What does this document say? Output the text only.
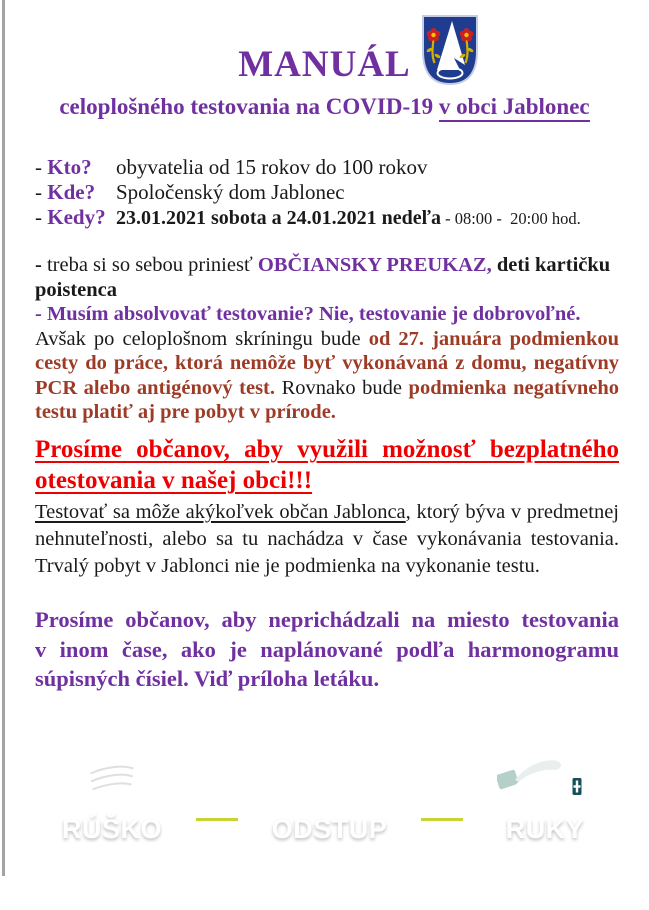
MANUÁL
celoplošného testovania na COVID-19 v obci Jablonec
- Kto?	obyvatelia od 15 rokov do 100 rokov
- Kde? Spoločenský dom Jablonec
- Kedy? 23.01.2021 sobota a 24.01.2021 nedeľa - 08:00 -  20:00 hod.

- treba si so sebou priniesť OBČIANSKY PREUKAZ, deti kartičku poistenca

- Musím absolvovať testovanie? Nie, testovanie je dobrovoľné.

Avšak po celoplošnom skríningu bude od 27. januára podmienkou cesty do práce, ktorá nemôže byť vykonávaná z domu, negatívny PCR alebo antigénový test. Rovnako bude podmienka negatívneho testu platiť aj pre pobyt v prírode.

Prosíme občanov, aby využili možnosť bezplatného
otestovania v našej obci!!!

Testovať sa môže akýkoľvek občan Jablonca, ktorý býva v predmetnej nehnuteľnosti, alebo sa tu nachádza v čase vykonávania testovania. Trvalý pobyt v Jablonci nie je podmienka na vykonanie testu.

Prosíme občanov, aby neprichádzali na miesto testovania
v inom čase, ako je naplánované podľa harmonogramu
súpisných čísiel. Viď príloha letáku.
RÚŠKO
2m
ODSTUP	RUKY
